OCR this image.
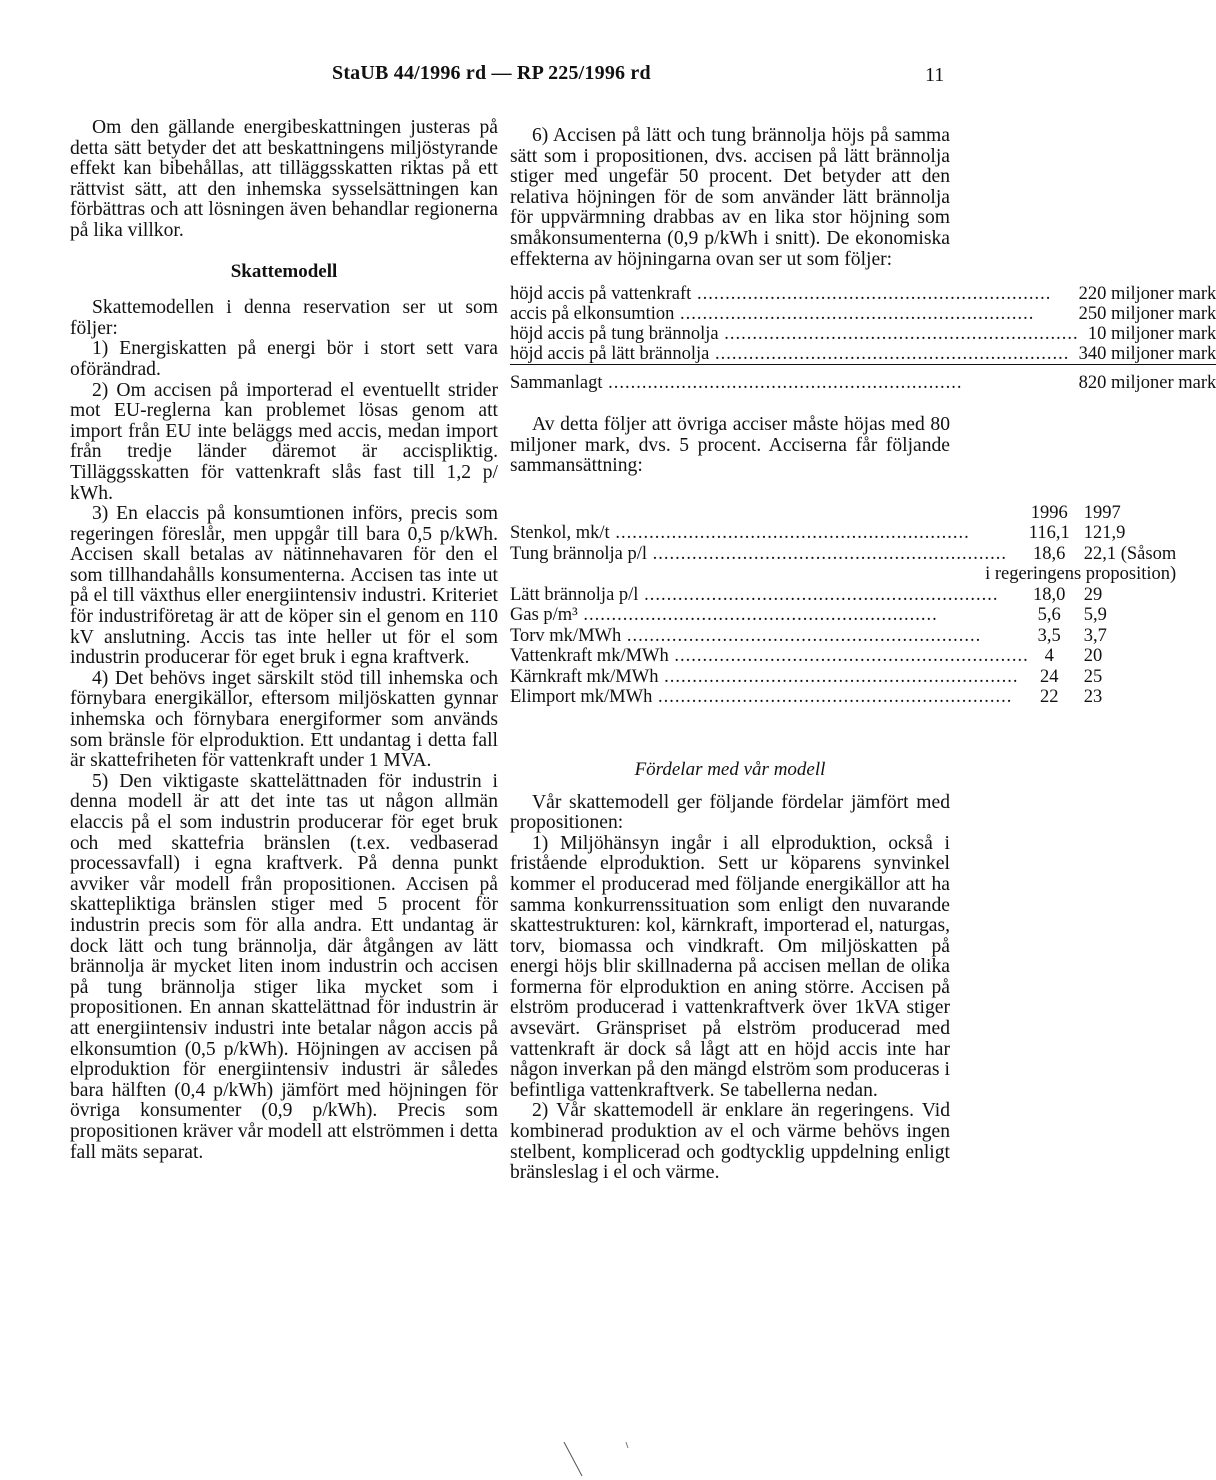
StaUB 44/1996 rd — RP 225/1996 rd	11

Om den gällande energibeskattningen justeras på detta sätt betyder det att beskattningens miljöstyrande effekt kan bibehållas, att tilläggsskatten riktas på ett rättvist sätt, att den inhemska sysselsättningen kan förbättras och att lösningen även behandlar regionerna på lika villkor.

Skattemodell

Skattemodellen i denna reservation ser ut som följer:

1) Energiskatten på energi bör i stort sett vara oförändrad.

2) Om accisen på importerad el eventuellt strider mot EU-reglerna kan problemet lösas genom att import från EU inte beläggs med accis, medan import från tredje länder däremot är accispliktig. Tilläggsskatten för vattenkraft slås fast till 1,2 p/ kWh.

3) En elaccis på konsumtionen införs, precis som regeringen föreslår, men uppgår till bara 0,5 p/kWh. Accisen skall betalas av nätinnehavaren för den el som tillhandahålls konsumenterna. Accisen tas inte ut på el till växthus eller energiintensiv industri. Kriteriet för industriföretag är att de köper sin el genom en 110 kV anslutning. Accis tas inte heller ut för el som industrin producerar för eget bruk i egna kraftverk.

4) Det behövs inget särskilt stöd till inhemska och förnybara energikällor, eftersom miljöskatten gynnar inhemska och förnybara energiformer som används som bränsle för elproduktion. Ett undantag i detta fall är skattefriheten för vattenkraft under 1 MVA.

5) Den viktigaste skattelättnaden för industrin i denna modell är att det inte tas ut någon allmän elaccis på el som industrin producerar för eget bruk och med skattefria bränslen (t.ex. vedbaserad processavfall) i egna kraftverk. På denna punkt avviker vår modell från propositionen. Accisen på skattepliktiga bränslen stiger med 5 procent för industrin precis som för alla andra. Ett undantag är dock lätt och tung brännolja, där åtgången av lätt brännolja är mycket liten inom industrin och accisen på tung brännolja stiger lika mycket som i propositionen. En annan skattelättnad för industrin är att energiintensiv industri inte betalar någon accis på elkonsumtion (0,5 p/kWh). Höjningen av accisen på elproduktion för energiintensiv industri är således bara hälften (0,4 p/kWh) jämfört med höjningen för övriga konsumenter (0,9 p/kWh). Precis som propositionen kräver vår modell att elströmmen i detta fall mäts separat.

6) Accisen på lätt och tung brännolja höjs på samma sätt som i propositionen, dvs. accisen på lätt brännolja stiger med ungefär 50 procent. Det betyder att den relativa höjningen för de som använder lätt brännolja för uppvärmning drabbas av en lika stor höjning som småkonsumenterna (0,9 p/kWh i snitt). De ekonomiska effekterna av höjningarna ovan ser ut som följer:

höjd accis på vattenkraft .....	220 miljoner mark
accis på elkonsumtion .....	250 miljoner mark
höjd accis på tung brännolja .....	10 miljoner mark
höjd accis på lätt brännolja .....	340 miljoner mark
Sammanlagt .....	820 miljoner mark

Av detta följer att övriga acciser måste höjas med 80 miljoner mark, dvs. 5 procent. Acciserna får följande sammansättning:

	1996	1997
Stenkol, mk/t .....	116,1	121,9
Tung brännolja p/l .....	18,6	22,1 (Såsom
i regeringens proposition)		
Lätt brännolja p/l .....	18,0	29
Gas p/m³ .....	5,6	5,9
Torv mk/MWh .....	3,5	3,7
Vattenkraft mk/MWh .....	4	20
Kärnkraft mk/MWh .....	24	25
Elimport mk/MWh .....	22	23
Fördelar med vår modell

Vår skattemodell ger följande fördelar jämfört med propositionen:

1) Miljöhänsyn ingår i all elproduktion, också i fristående elproduktion. Sett ur köparens synvinkel kommer el producerad med följande energikällor att ha samma konkurrenssituation som enligt den nuvarande skattestrukturen: kol, kärnkraft, importerad el, naturgas, torv, biomassa och vindkraft. Om miljöskatten på energi höjs blir skillnaderna på accisen mellan de olika formerna för elproduktion en aning större. Accisen på elström producerad i vattenkraftverk över 1kVA stiger avsevärt. Gränspriset på elström producerad med vattenkraft är dock så lågt att en höjd accis inte har någon inverkan på den mängd elström som produceras i befintliga vattenkraftverk. Se tabellerna nedan.

2) Vår skattemodell är enklare än regeringens. Vid kombinerad produktion av el och värme behövs ingen stelbent, komplicerad och godtycklig uppdelning enligt bränsleslag i el och värme.
